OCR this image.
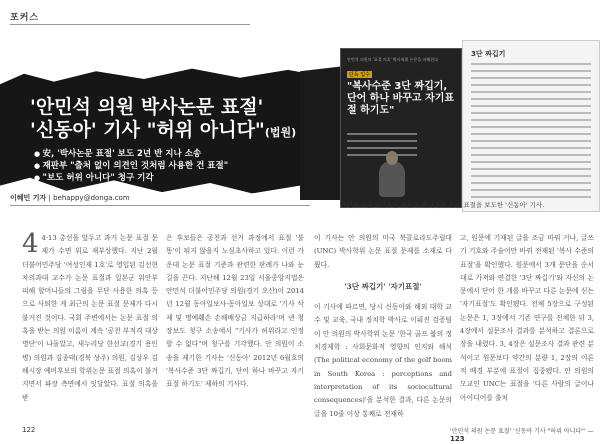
포커스
'안민석 의원 박사논문 표절'
'신동아' 기사 "허위 아니다"(법원)
● 安, '박사논문 표절' 보도 2년 반 지나 소송
● 재판부 "출처 없이 의견인 것처럼 사용한 건 표절"
● "보도 허위 아니다" 청구 기각
안민석 의원의 '표절 의혹' 박사학위 논문을 파헤친다
단독 입수
"복사수준 3단 짜깁기, 단어 하나 바꾸고 자기표절 하기도"
3단 짜깁기
안민석 더불어민주당 의원의 박사학위 논문 표절을 보도한 '신동아' 기사.
이혜민 기자 | behappy@donga.com
4 4·13 총선을 앞두고 과거 논문 표절 문제가 수면 위로 재부상했다. 지난 2월 더불어민주당 '여성인재 1호'로 영입된 김선현 차의과대 교수가 논문 표절과 일본군 위안부 피해 할머니들의 그림을 무단 사용한 의혹 등으로 사퇴한 게 최근의 논문 표절 문제가 다시 불거진 것이다. 국회 주변에서는 논문 표절 의혹을 받는 의원 이름이 계속 '공천 부적격 대상 명단'이 나돌았고, 새누리당 한선교(경기 용인병) 의원과 김종태(경북 상주) 의원, 김상우 김해시장 예비후보의 학위논문 표절 의혹이 불거지면서 파장 측면에서 잇달았다. 표절 의혹을 받
은 후보들은 공천과 선거 과정에서 표절 '불똥'이 튀지 않을지 노심초사하고 있다. 이런 가운데 논문 표절 기준과 관련한 판례가 나와 눈길을 끈다. 지난해 12월 23일 서울중앙지법은 안민석 더불어민주당 의원(경기 오산)이 2014년 12월 동아일보사·동아일보 상대로 '기사 삭제 및 명예훼손 손해배상금 지급하라'며 낸 청장보도 청구 소송에서 "기사가 허위라고 인정할 수 없다"며 청구를 기각했다. 안 의원이 소송을 제기한 기사는 '신동아' 2012년 6월호의 '복사수준 3단 짜깁기, 단어 하나 바꾸고 자기표절 하기도' 제하의 기사다.
이 기사는 안 의원의 미국 북콜로라도주립대(UNC) 박사학위 논문 표절 문제를 소재로 다뤘다.
'3단 짜깁기' '자기표절'
이 기사에 따르면, 당시 신동아와 해외 대학 교수 및 교육, 국내 정치학 박사로 이뤄진 검증팀이 안 의원의 박사학위 논문 '한국 골프 붐의 정치경제학 : 사회문화적 영향의 인지와 해석(The political economy of the golf boom in South Korea : perceptions and interpretation of its sociocultural consequences)'을 분석한 결과, 다른 논문의 글을 10줄 이상 통째로 전재하
고, 원문에 기재된 글을 조금 바꿔 거나, 글쓰기 기호와 주술어만 바꿔 전재된 '복사 수준의 표절'을 확인했다. 원문에서 3개 문단을 순서대로 가져와 연결한 '3단 짜깁기'와 자신의 논문에서 단어 한 개를 바꾸고 다른 논문에 싣는 '자기표절'도 확인됐다. 전체 5장으로 구성된 논문은 1, 3장에서 기존 연구를 전체한 뒤 3, 4장에서 설문조사 결과를 분석하고 결론으로 장을 내렸다. 3, 4장은 설문조사 결과 관련 분석이고 원문보다 약간의 분량 1, 2장의 이론적 배경 부분에 표절이 집중됐다. 안 의원의 모교인 UNC는 표절을 '다른 사람의 글이나 아이디어를 출처
122	'안민석 의원 논문 표절' '신동아 기사 "허위 아니다"' — 123
